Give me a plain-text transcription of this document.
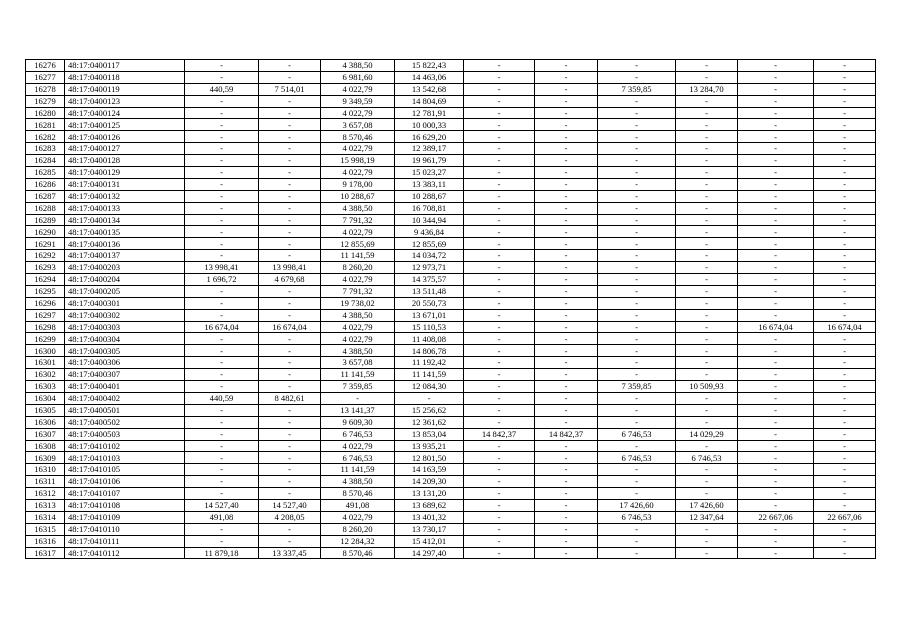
16276	48:17:0400117	-	-	4 388,50	15 822,43	-	-	-	-	-	-
16277	48:17:0400118	-	-	6 981,60	14 463,06	-	-	-	-	-	-
16278	48:17:0400119	440,59	7 514,01	4 022,79	13 542,68	-	-	7 359,85	13 284,70	-	-
16279	48:17:0400123	-	-	9 349,59	14 804,69	-	-	-	-	-	-
16280	48:17:0400124	-	-	4 022,79	12 781,91	-	-	-	-	-	-
16281	48:17:0400125	-	-	3 657,08	10 000,33	-	-	-	-	-	-
16282	48:17:0400126	-	-	8 570,46	16 629,20	-	-	-	-	-	-
16283	48:17:0400127	-	-	4 022,79	12 389,17	-	-	-	-	-	-
16284	48:17:0400128	-	-	15 998,19	19 961,79	-	-	-	-	-	-
16285	48:17:0400129	-	-	4 022,79	15 023,27	-	-	-	-	-	-
16286	48:17:0400131	-	-	9 178,00	13 383,11	-	-	-	-	-	-
16287	48:17:0400132	-	-	10 288,67	10 288,67	-	-	-	-	-	-
16288	48:17:0400133	-	-	4 388,50	16 708,81	-	-	-	-	-	-
16289	48:17:0400134	-	-	7 791,32	10 344,94	-	-	-	-	-	-
16290	48:17:0400135	-	-	4 022,79	9 436,84	-	-	-	-	-	-
16291	48:17:0400136	-	-	12 855,69	12 855,69	-	-	-	-	-	-
16292	48:17:0400137	-	-	11 141,59	14 034,72	-	-	-	-	-	-
16293	48:17:0400203	13 998,41	13 998,41	8 260,20	12 973,71	-	-	-	-	-	-
16294	48:17:0400204	1 696,72	4 679,68	4 022,79	14 375,57	-	-	-	-	-	-
16295	48:17:0400205	-	-	7 791,32	13 511,48	-	-	-	-	-	-
16296	48:17:0400301	-	-	19 738,02	20 550,73	-	-	-	-	-	-
16297	48:17:0400302	-	-	4 388,50	13 671,01	-	-	-	-	-	-
16298	48:17:0400303	16 674,04	16 674,04	4 022,79	15 110,53	-	-	-	-	16 674,04	16 674,04
16299	48:17:0400304	-	-	4 022,79	11 408,08	-	-	-	-	-	-
16300	48:17:0400305	-	-	4 388,50	14 806,78	-	-	-	-	-	-
16301	48:17:0400306	-	-	3 657,08	11 192,42	-	-	-	-	-	-
16302	48:17:0400307	-	-	11 141,59	11 141,59	-	-	-	-	-	-
16303	48:17:0400401	-	-	7 359,85	12 084,30	-	-	7 359,85	10 509,93	-	-
16304	48:17:0400402	440,59	8 482,61	-	-	-	-	-	-	-	-
16305	48:17:0400501	-	-	13 141,37	15 256,62	-	-	-	-	-	-
16306	48:17:0400502	-	-	9 609,30	12 361,62	-	-	-	-	-	-
16307	48:17:0400503	-	-	6 746,53	13 853,04	14 842,37	14 842,37	6 746,53	14 029,29	-	-
16308	48:17:0410102	-	-	4 022,79	13 935,21	-	-	-	-	-	-
16309	48:17:0410103	-	-	6 746,53	12 801,50	-	-	6 746,53	6 746,53	-	-
16310	48:17:0410105	-	-	11 141,59	14 163,59	-	-	-	-	-	-
16311	48:17:0410106	-	-	4 388,50	14 209,30	-	-	-	-	-	-
16312	48:17:0410107	-	-	8 570,46	13 131,20	-	-	-	-	-	-
16313	48:17:0410108	14 527,40	14 527,40	491,08	13 689,62	-	-	17 426,60	17 426,60	-	-
16314	48:17:0410109	491,08	4 208,05	4 022,79	13 401,32	-	-	6 746,53	12 347,64	22 667,06	22 667,06
16315	48:17:0410110	-	-	8 260,20	13 730,17	-	-	-	-	-	-
16316	48:17:0410111	-	-	12 284,32	15 412,01	-	-	-	-	-	-
16317	48:17:0410112	11 879,18	13 337,45	8 570,46	14 297,40	-	-	-	-	-	-
